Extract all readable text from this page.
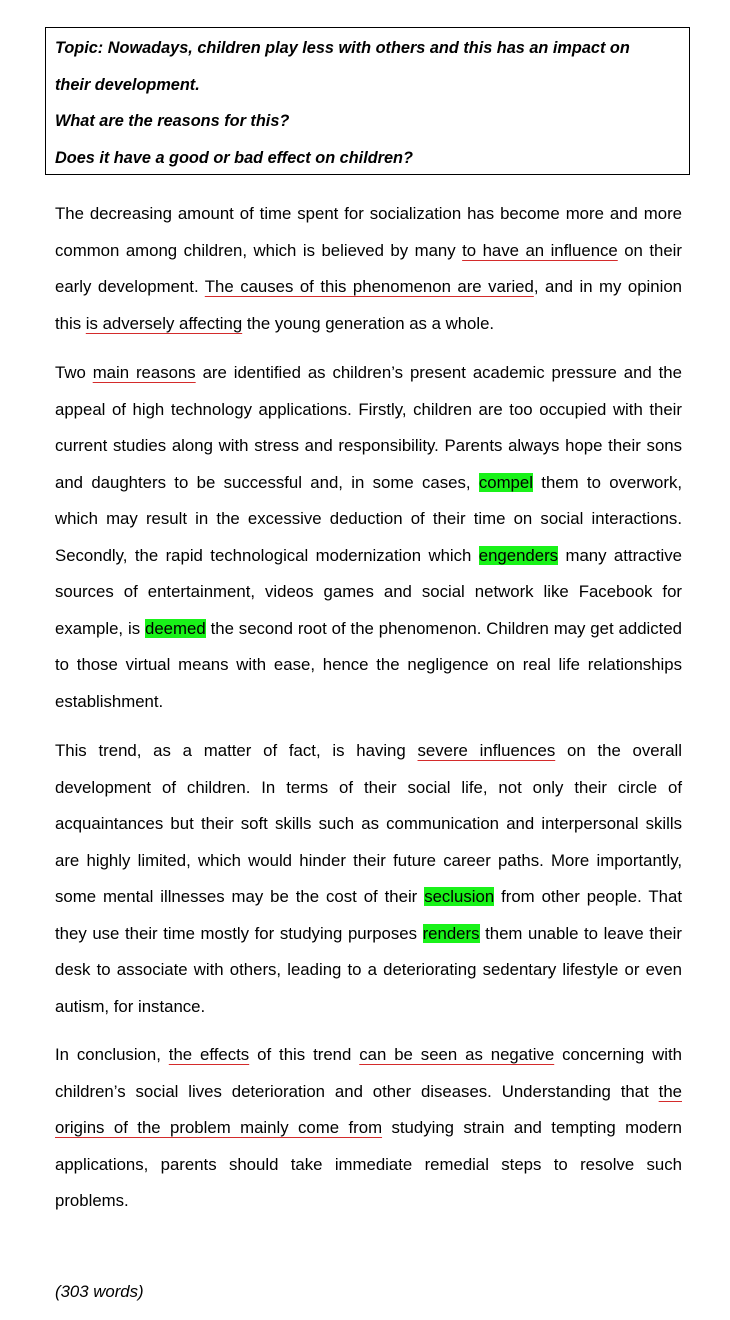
Topic: Nowadays, children play less with others and this has an impact on

their development.

What are the reasons for this?

Does it have a good or bad effect on children?

The decreasing amount of time spent for socialization has become more and more common among children, which is believed by many to have an influence on their early development. The causes of this phenomenon are varied, and in my opinion this is adversely affecting the young generation as a whole.

Two main reasons are identified as children’s present academic pressure and the appeal of high technology applications. Firstly, children are too occupied with their current studies along with stress and responsibility. Parents always hope their sons and daughters to be successful and, in some cases, compel them to overwork, which may result in the excessive deduction of their time on social interactions. Secondly, the rapid technological modernization which engenders many attractive sources of entertainment, videos games and social network like Facebook for example, is deemed the second root of the phenomenon. Children may get addicted to those virtual means with ease, hence the negligence on real life relationships establishment.

This trend, as a matter of fact, is having severe influences on the overall development of children. In terms of their social life, not only their circle of acquaintances but their soft skills such as communication and interpersonal skills are highly limited, which would hinder their future career paths. More importantly, some mental illnesses may be the cost of their seclusion from other people. That they use their time mostly for studying purposes renders them unable to leave their desk to associate with others, leading to a deteriorating sedentary lifestyle or even autism, for instance.

In conclusion, the effects of this trend can be seen as negative concerning with children’s social lives deterioration and other diseases. Understanding that the origins of the problem mainly come from studying strain and tempting modern applications, parents should take immediate remedial steps to resolve such problems.

(303 words)
